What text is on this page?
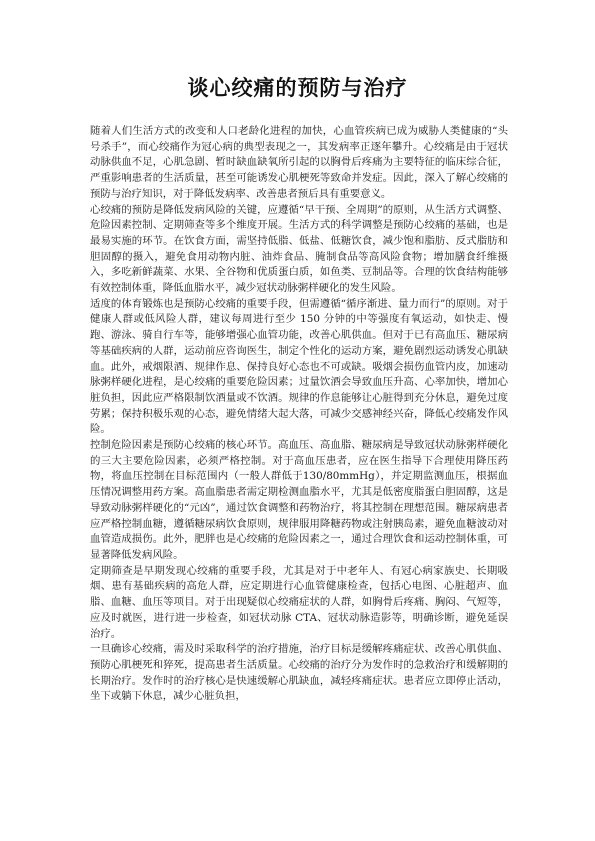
谈心绞痛的预防与治疗

随着人们生活方式的改变和人口老龄化进程的加快，心血管疾病已成为威胁人类健康的“头号杀手”，而心绞痛作为冠心病的典型表现之一，其发病率正逐年攀升。心绞痛是由于冠状动脉供血不足，心肌急剧、暂时缺血缺氧所引起的以胸骨后疼痛为主要特征的临床综合征，严重影响患者的生活质量，甚至可能诱发心肌梗死等致命并发症。因此，深入了解心绞痛的预防与治疗知识，对于降低发病率、改善患者预后具有重要意义。

心绞痛的预防是降低发病风险的关键，应遵循“早干预、全周期”的原则，从生活方式调整、危险因素控制、定期筛查等多个维度开展。生活方式的科学调整是预防心绞痛的基础，也是最易实施的环节。在饮食方面，需坚持低脂、低盐、低糖饮食，减少饱和脂肪、反式脂肪和胆固醇的摄入，避免食用动物内脏、油炸食品、腌制食品等高风险食物；增加膳食纤维摄入，多吃新鲜蔬菜、水果、全谷物和优质蛋白质，如鱼类、豆制品等。合理的饮食结构能够有效控制体重，降低血脂水平，减少冠状动脉粥样硬化的发生风险。

适度的体育锻炼也是预防心绞痛的重要手段，但需遵循“循序渐进、量力而行”的原则。对于健康人群或低风险人群，建议每周进行至少 150 分钟的中等强度有氧运动，如快走、慢跑、游泳、骑自行车等，能够增强心血管功能，改善心肌供血。但对于已有高血压、糖尿病等基础疾病的人群，运动前应咨询医生，制定个性化的运动方案，避免剧烈运动诱发心肌缺血。此外，戒烟限酒、规律作息、保持良好心态也不可或缺。吸烟会损伤血管内皮，加速动脉粥样硬化进程，是心绞痛的重要危险因素；过量饮酒会导致血压升高、心率加快，增加心脏负担，因此应严格限制饮酒量或不饮酒。规律的作息能够让心脏得到充分休息，避免过度劳累；保持积极乐观的心态，避免情绪大起大落，可减少交感神经兴奋，降低心绞痛发作风险。

控制危险因素是预防心绞痛的核心环节。高血压、高血脂、糖尿病是导致冠状动脉粥样硬化的三大主要危险因素，必须严格控制。对于高血压患者，应在医生指导下合理使用降压药物，将血压控制在目标范围内（一般人群低于130/80mmHg），并定期监测血压，根据血压情况调整用药方案。高血脂患者需定期检测血脂水平，尤其是低密度脂蛋白胆固醇，这是导致动脉粥样硬化的“元凶”，通过饮食调整和药物治疗，将其控制在理想范围。糖尿病患者应严格控制血糖，遵循糖尿病饮食原则，规律服用降糖药物或注射胰岛素，避免血糖波动对血管造成损伤。此外，肥胖也是心绞痛的危险因素之一，通过合理饮食和运动控制体重，可显著降低发病风险。

定期筛查是早期发现心绞痛的重要手段，尤其是对于中老年人、有冠心病家族史、长期吸烟、患有基础疾病的高危人群，应定期进行心血管健康检查，包括心电图、心脏超声、血脂、血糖、血压等项目。对于出现疑似心绞痛症状的人群，如胸骨后疼痛、胸闷、气短等，应及时就医，进行进一步检查，如冠状动脉 CTA、冠状动脉造影等，明确诊断，避免延误治疗。

一旦确诊心绞痛，需及时采取科学的治疗措施，治疗目标是缓解疼痛症状、改善心肌供血、预防心肌梗死和猝死，提高患者生活质量。心绞痛的治疗分为发作时的急救治疗和缓解期的长期治疗。发作时的治疗核心是快速缓解心肌缺血，减轻疼痛症状。患者应立即停止活动，坐下或躺下休息，减少心脏负担，
